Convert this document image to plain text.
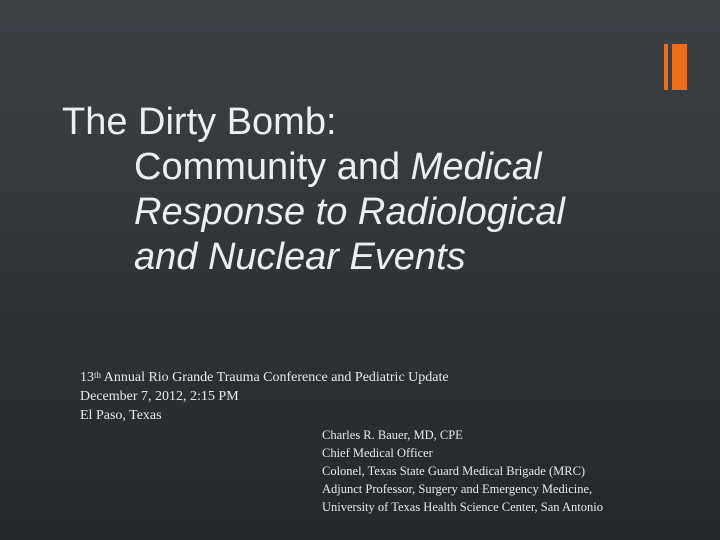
The Dirty Bomb:
Community and Medical
Response to Radiological
and Nuclear Events
13th Annual Rio Grande Trauma Conference and Pediatric Update
December 7, 2012, 2:15 PM
El Paso, Texas
Charles R. Bauer, MD, CPE
Chief Medical Officer
Colonel, Texas State Guard Medical Brigade (MRC)
Adjunct Professor, Surgery and Emergency Medicine,
University of Texas Health Science Center, San Antonio
